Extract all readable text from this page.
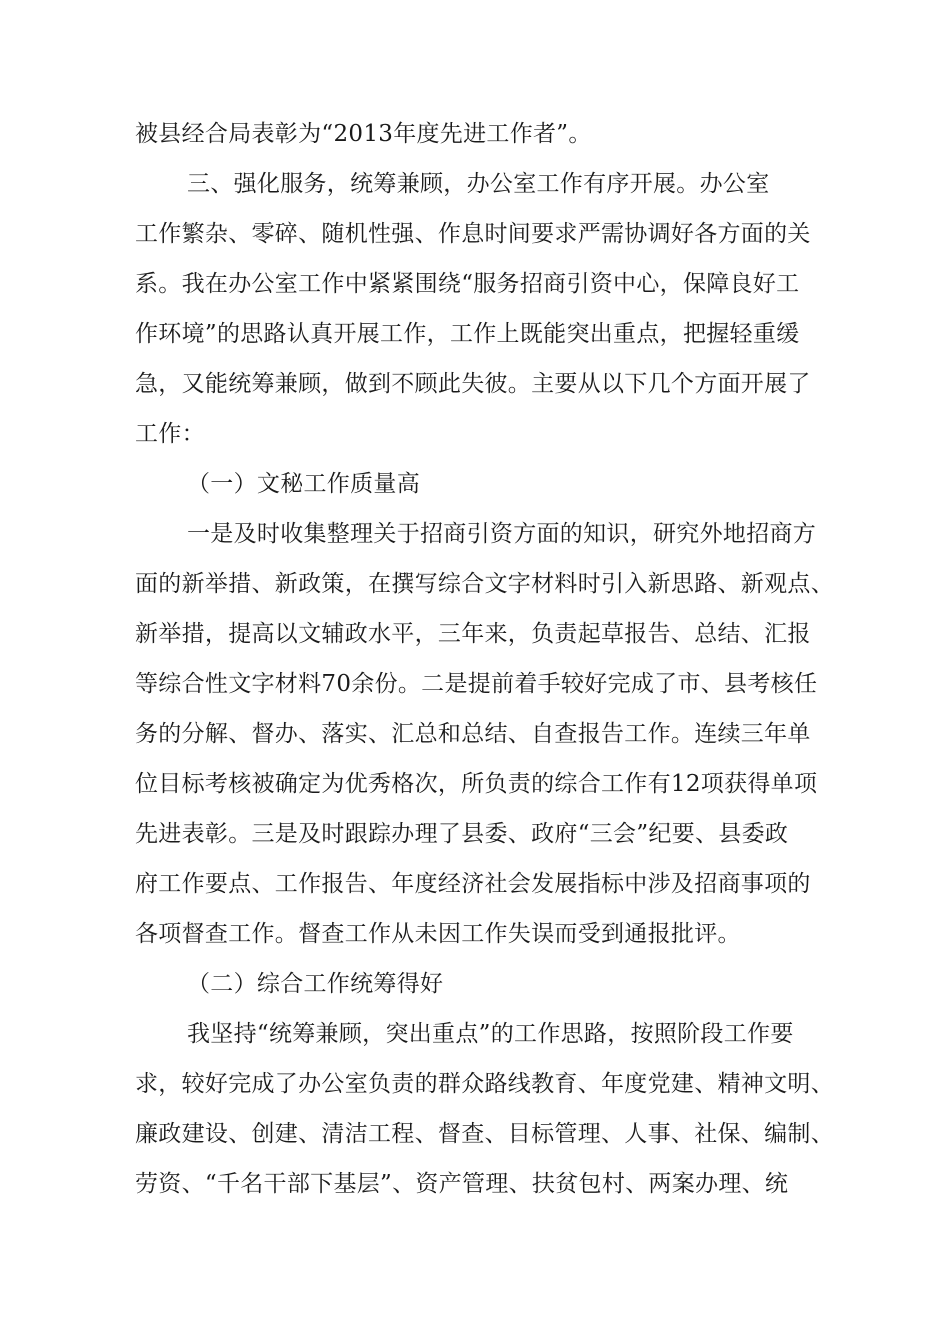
被县经合局表彰为“2013年度先进工作者”。
三、强化服务，统筹兼顾，办公室工作有序开展。办公室
工作繁杂、零碎、随机性强、作息时间要求严需协调好各方面的关
系。我在办公室工作中紧紧围绕“服务招商引资中心，保障良好工
作环境”的思路认真开展工作，工作上既能突出重点，把握轻重缓
急，又能统筹兼顾，做到不顾此失彼。主要从以下几个方面开展了
工作：
（一）文秘工作质量高
一是及时收集整理关于招商引资方面的知识，研究外地招商方
面的新举措、新政策，在撰写综合文字材料时引入新思路、新观点、
新举措，提高以文辅政水平，三年来，负责起草报告、总结、汇报
等综合性文字材料70余份。二是提前着手较好完成了市、县考核任
务的分解、督办、落实、汇总和总结、自查报告工作。连续三年单
位目标考核被确定为优秀格次，所负责的综合工作有12项获得单项
先进表彰。三是及时跟踪办理了县委、政府“三会”纪要、县委政
府工作要点、工作报告、年度经济社会发展指标中涉及招商事项的
各项督查工作。督查工作从未因工作失误而受到通报批评。
（二）综合工作统筹得好
我坚持“统筹兼顾，突出重点”的工作思路，按照阶段工作要
求，较好完成了办公室负责的群众路线教育、年度党建、精神文明、
廉政建设、创建、清洁工程、督查、目标管理、人事、社保、编制、
劳资、“千名干部下基层”、资产管理、扶贫包村、两案办理、统
